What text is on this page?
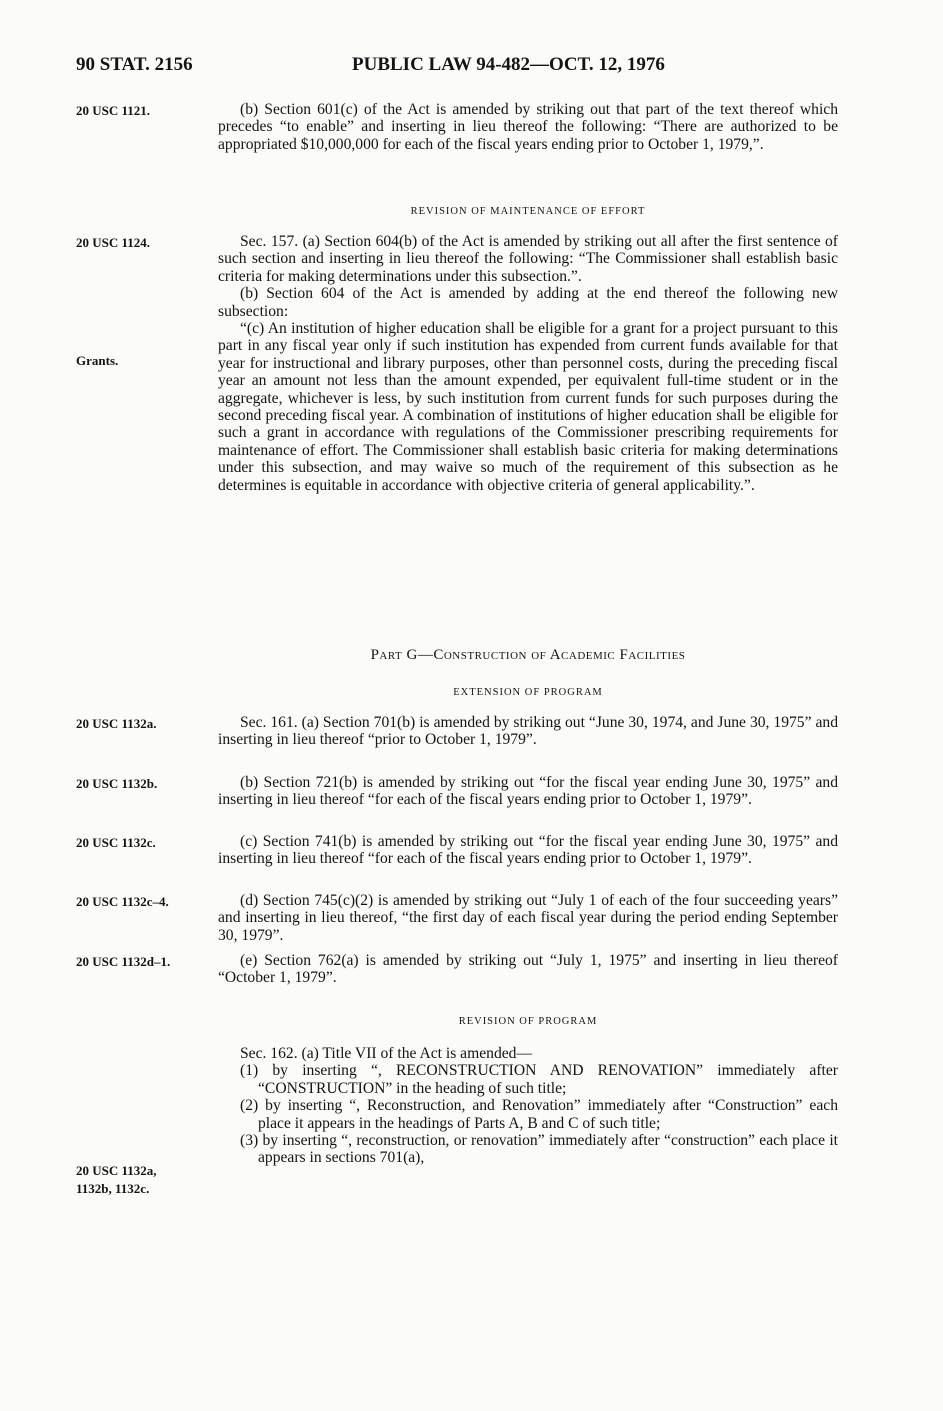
90 STAT. 2156	PUBLIC LAW 94-482—OCT. 12, 1976
20 USC 1121.
20 USC 1124.
Grants.
20 USC 1132a.
20 USC 1132b.
20 USC 1132c.
20 USC 1132c–4.
20 USC 1132d–1.
20 USC 1132a,
1132b, 1132c.

(b) Section 601(c) of the Act is amended by striking out that part of the text thereof which precedes “to enable” and inserting in lieu thereof the following: “There are authorized to be appropriated $10,000,000 for each of the fiscal years ending prior to October 1, 1979,”.

REVISION OF MAINTENANCE OF EFFORT

Sec. 157. (a) Section 604(b) of the Act is amended by striking out all after the first sentence of such section and inserting in lieu thereof the following: “The Commissioner shall establish basic criteria for making determinations under this subsection.”.

(b) Section 604 of the Act is amended by adding at the end thereof the following new subsection:

“(c) An institution of higher education shall be eligible for a grant for a project pursuant to this part in any fiscal year only if such institution has expended from current funds available for that year for instructional and library purposes, other than personnel costs, during the preceding fiscal year an amount not less than the amount expended, per equivalent full-time student or in the aggregate, whichever is less, by such institution from current funds for such purposes during the second preceding fiscal year. A combination of institutions of higher education shall be eligible for such a grant in accordance with regulations of the Commissioner prescribing requirements for maintenance of effort. The Commissioner shall establish basic criteria for making determinations under this subsection, and may waive so much of the requirement of this subsection as he determines is equitable in accordance with objective criteria of general applicability.”.

Part G—Construction of Academic Facilities

EXTENSION OF PROGRAM

Sec. 161. (a) Section 701(b) is amended by striking out “June 30, 1974, and June 30, 1975” and inserting in lieu thereof “prior to October 1, 1979”.

(b) Section 721(b) is amended by striking out “for the fiscal year ending June 30, 1975” and inserting in lieu thereof “for each of the fiscal years ending prior to October 1, 1979”.

(c) Section 741(b) is amended by striking out “for the fiscal year ending June 30, 1975” and inserting in lieu thereof “for each of the fiscal years ending prior to October 1, 1979”.

(d) Section 745(c)(2) is amended by striking out “July 1 of each of the four succeeding years” and inserting in lieu thereof, “the first day of each fiscal year during the period ending September 30, 1979”.

(e) Section 762(a) is amended by striking out “July 1, 1975” and inserting in lieu thereof “October 1, 1979”.

REVISION OF PROGRAM

Sec. 162. (a) Title VII of the Act is amended—

(1) by inserting “, RECONSTRUCTION AND RENOVATION” immediately after “CONSTRUCTION” in the heading of such title;

(2) by inserting “, Reconstruction, and Renovation” immediately after “Construction” each place it appears in the headings of Parts A, B and C of such title;

(3) by inserting “, reconstruction, or renovation” immediately after “construction” each place it appears in sections 701(a),
